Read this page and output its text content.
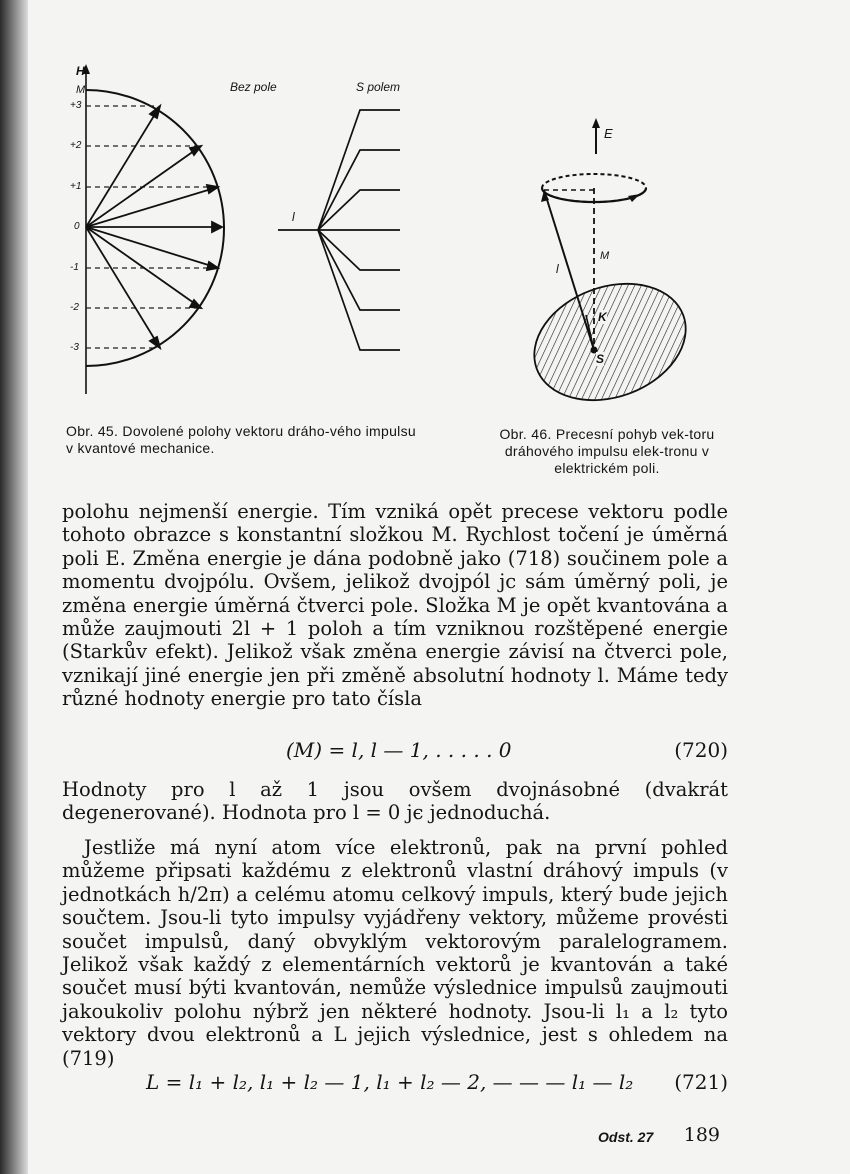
H
M
+3
+2
+1
0
-1
-2
-3
Bez pole	S polem
l
Obr. 45. Dovolené polohy vektoru dráho-vého impulsu v kvantové mechanice.
E
M
l
K
S
Obr. 46. Precesní pohyb vek-toru dráhového impulsu elek-tronu v elektrickém poli.

polohu nejmenší energie. Tím vzniká opět precese vektoru podle tohoto obrazce s konstantní složkou M. Rychlost točení je úměrná poli E. Změna energie je dána podobně jako (718) součinem pole a momentu dvojpólu. Ovšem, jelikož dvojpól jc sám úměrný poli, je změna energie úměrná čtverci pole. Složka M je opět kvantována a může zaujmouti 2l + 1 poloh a tím vzniknou rozštěpené energie (Starkův efekt). Jelikož však změna energie závisí na čtverci pole, vznikají jiné energie jen při změně absolutní hodnoty l. Máme tedy různé hodnoty energie pro tato čísla

(M) = l, l — 1, . . . . . 0	(720)

Hodnoty pro l až 1 jsou ovšem dvojnásobné (dvakrát degenerované). Hodnota pro l = 0 jє jednoduchá.

Jestliže má nyní atom více elektronů, pak na první pohled můžeme připsati každému z elektronů vlastní dráhový impuls (v jednotkách h/2π) a celému atomu celkový impuls, který bude jejich součtem. Jsou-li tyto impulsy vyjádřeny vektory, můžeme provésti součet impulsů, daný obvyklým vektorovým paralelogramem. Jelikož však každý z elementárních vektorů je kvantován a také součet musí býti kvantován, nemůže výslednice impulsů zaujmouti jakoukoliv polohu nýbrž jen některé hodnoty. Jsou-li l₁ a l₂ tyto vektory dvou elektronů a L jejich výslednice, jest s ohledem na (719)

L = l₁ + l₂, l₁ + l₂ — 1, l₁ + l₂ — 2, — — — l₁ — l₂ (721)
Odst. 27 189
